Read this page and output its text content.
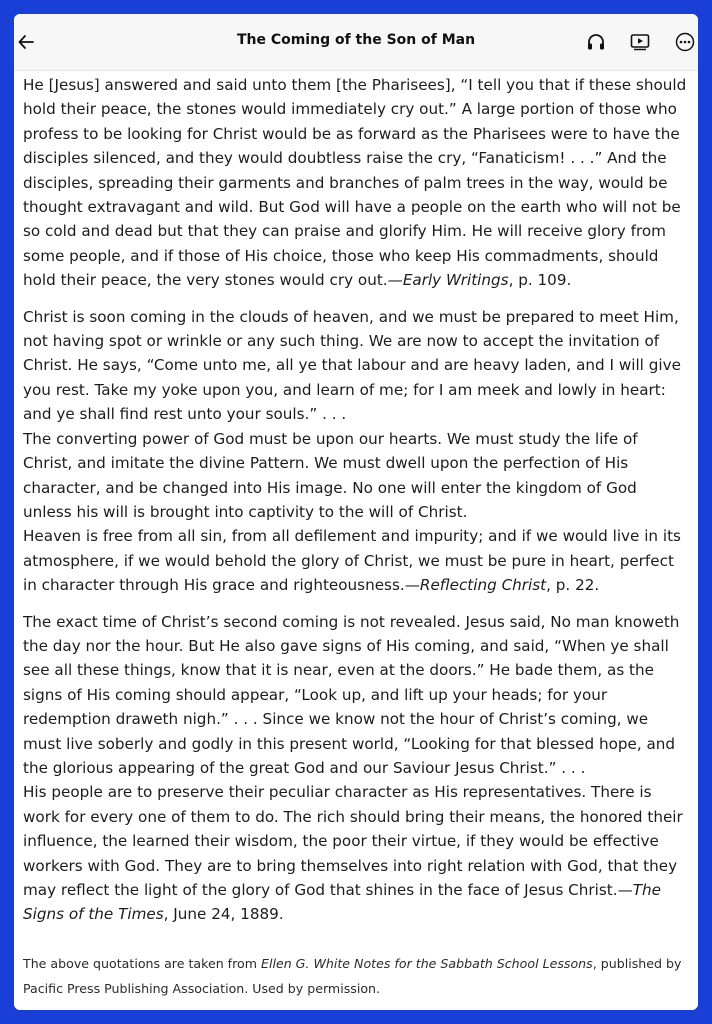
The Coming of the Son of Man

He [Jesus] answered and said unto them [the Pharisees], “I tell you that if these should hold their peace, the stones would immediately cry out.” A large portion of those who profess to be looking for Christ would be as forward as the Pharisees were to have the disciples silenced, and they would doubtless raise the cry, “Fanaticism! . . .” And the disciples, spreading their garments and branches of palm trees in the way, would be thought extravagant and wild. But God will have a people on the earth who will not be so cold and dead but that they can praise and glorify Him. He will receive glory from some people, and if those of His choice, those who keep His commadments, should hold their peace, the very stones would cry out.—Early Writings, p. 109.

Christ is soon coming in the clouds of heaven, and we must be prepared to meet Him, not having spot or wrinkle or any such thing. We are now to accept the invitation of Christ. He says, “Come unto me, all ye that labour and are heavy laden, and I will give you rest. Take my yoke upon you, and learn of me; for I am meek and lowly in heart: and ye shall find rest unto your souls.” . . .

The converting power of God must be upon our hearts. We must study the life of Christ, and imitate the divine Pattern. We must dwell upon the perfection of His character, and be changed into His image. No one will enter the kingdom of God unless his will is brought into captivity to the will of Christ.

Heaven is free from all sin, from all defilement and impurity; and if we would live in its atmosphere, if we would behold the glory of Christ, we must be pure in heart, perfect in character through His grace and righteousness.—Reflecting Christ, p. 22.

The exact time of Christ’s second coming is not revealed. Jesus said, No man knoweth the day nor the hour. But He also gave signs of His coming, and said, “When ye shall see all these things, know that it is near, even at the doors.” He bade them, as the signs of His coming should appear, “Look up, and lift up your heads; for your redemption draweth nigh.” . . . Since we know not the hour of Christ’s coming, we must live soberly and godly in this present world, “Looking for that blessed hope, and the glorious appearing of the great God and our Saviour Jesus Christ.” . . .

His people are to preserve their peculiar character as His representatives. There is work for every one of them to do. The rich should bring their means, the honored their influence, the learned their wisdom, the poor their virtue, if they would be effective workers with God. They are to bring themselves into right relation with God, that they may reflect the light of the glory of God that shines in the face of Jesus Christ.—The Signs of the Times, June 24, 1889.

The above quotations are taken from Ellen G. White Notes for the Sabbath School Lessons, published by Pacific Press Publishing Association. Used by permission.
